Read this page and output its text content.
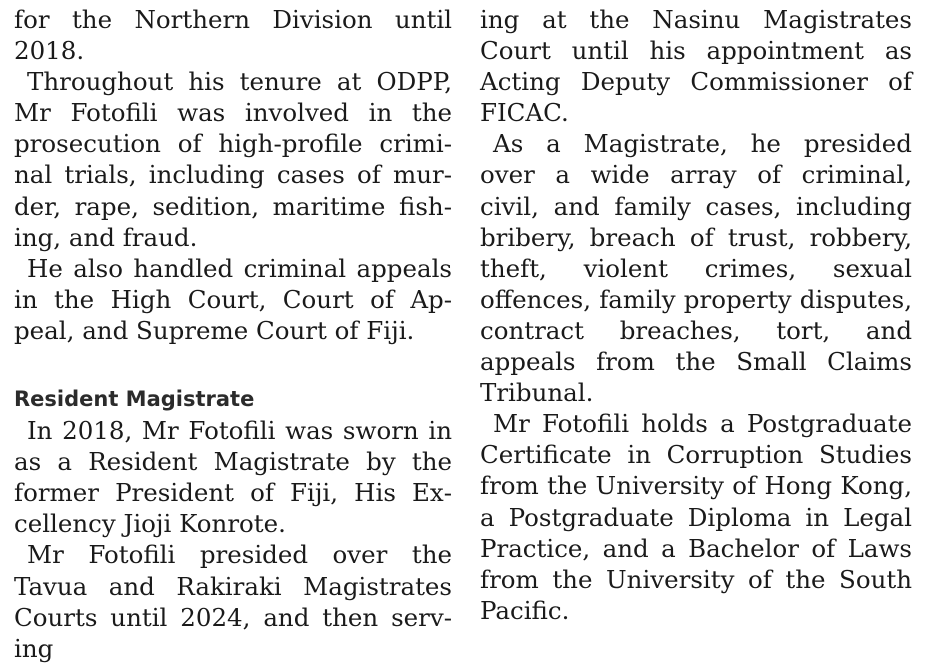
for the Northern Division until 2018.

Throughout his tenure at ODPP, Mr Fotofili was involved in the prosecution of high-profile criminal trials, including cases of murder, rape, sedition, maritime fishing, and fraud.

He also handled criminal appeals in the High Court, Court of Appeal, and Supreme Court of Fiji.

Resident Magistrate

In 2018, Mr Fotofili was sworn in as a Resident Magistrate by the former President of Fiji, His Excellency Jioji Konrote.

Mr Fotofili presided over the Tavua and Rakiraki Magistrates Courts until 2024, and then serving

ing at the Nasinu Magistrates Court until his appointment as Acting Deputy Commissioner of FICAC.

As a Magistrate, he presided over a wide array of criminal, civil, and family cases, including bribery, breach of trust, robbery, theft, violent crimes, sexual offences, family property disputes, contract breaches, tort, and appeals from the Small Claims Tribunal.

Mr Fotofili holds a Postgraduate Certificate in Corruption Studies from the University of Hong Kong, a Postgraduate Diploma in Legal Practice, and a Bachelor of Laws from the University of the South Pacific.
